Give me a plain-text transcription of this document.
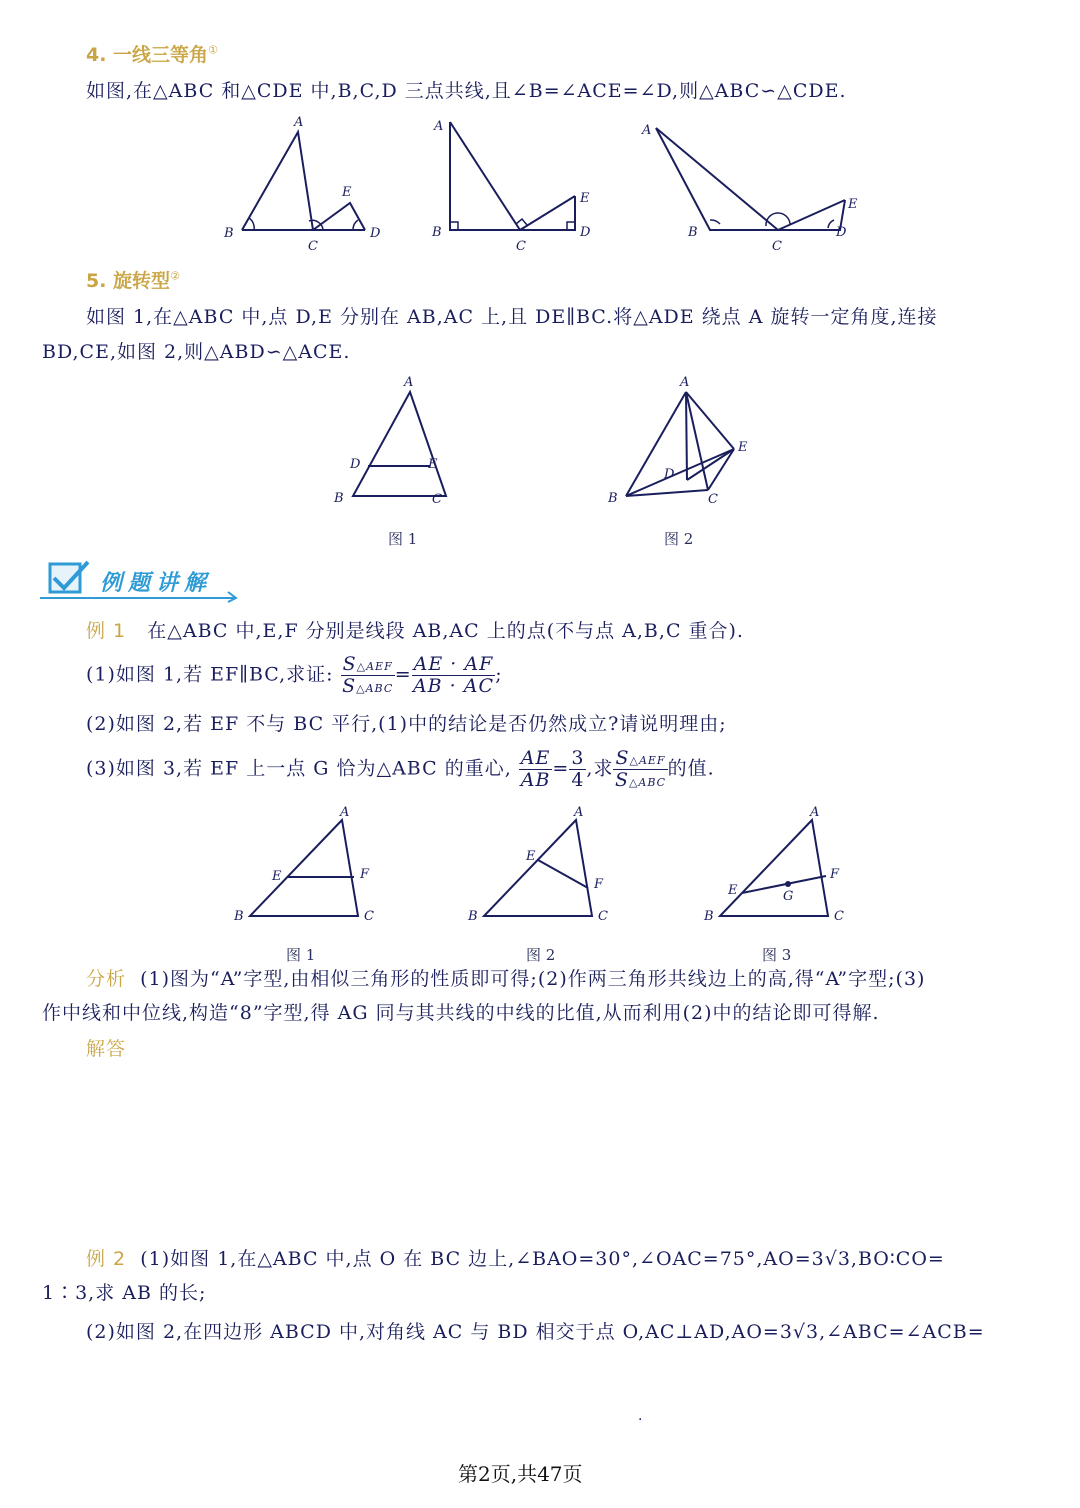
4. 一线三等角①
如图,在△ABC 和△CDE 中,B,C,D 三点共线,且∠B=∠ACE=∠D,则△ABC∽△CDE.
A
B
C
E
D
A
B
C
E
D
A
B
C
E
D
5. 旋转型②
如图 1,在△ABC 中,点 D,E 分别在 AB,AC 上,且 DE∥BC.将△ADE 绕点 A 旋转一定角度,连接
BD,CE,如图 2,则△ABD∽△ACE.
A
B	C
D	E
A
B	C
D
E
图 1	图 2
例题讲解
例 1 在△ABC 中,E,F 分别是线段 AB,AC 上的点(不与点 A,B,C 重合).
(1)如图 1,若 EF∥BC,求证: $\frac{\text{S△AEF}}{\text{S△ABC}} = \frac{AE \cdot AF}{AB \cdot AC}$ ;
(2)如图 2,若 EF 不与 BC 平行,(1)中的结论是否仍然成立?请说明理由;
(3)如图 3,若 EF 上一点 G 恰为△ABC 的重心, $\frac{AE}{AB} = \frac{3}{4}$ ,求 $\frac{\text{S△AEF}}{\text{S△ABC}}$ 的值.
A
B	C
E	F
A
B	C
E
F
A
B	C
E
F
G
图 1	图 2	图 3
分析 (1)图为“A”字型,由相似三角形的性质即可得;(2)作两三角形共线边上的高,得“A”字型;(3)
作中线和中位线,构造“8”字型,得 AG 同与其共线的中线的比值,从而利用(2)中的结论即可得解.
解答
例 2 (1)如图 1,在△ABC 中,点 O 在 BC 边上,∠BAO=30°,∠OAC=75°,AO=3√3,BO∶CO=
1∶3,求 AB 的长;
(2)如图 2,在四边形 ABCD 中,对角线 AC 与 BD 相交于点 O,AC⊥AD,AO=3√3,∠ABC=∠ACB=
.
第2页,共47页
